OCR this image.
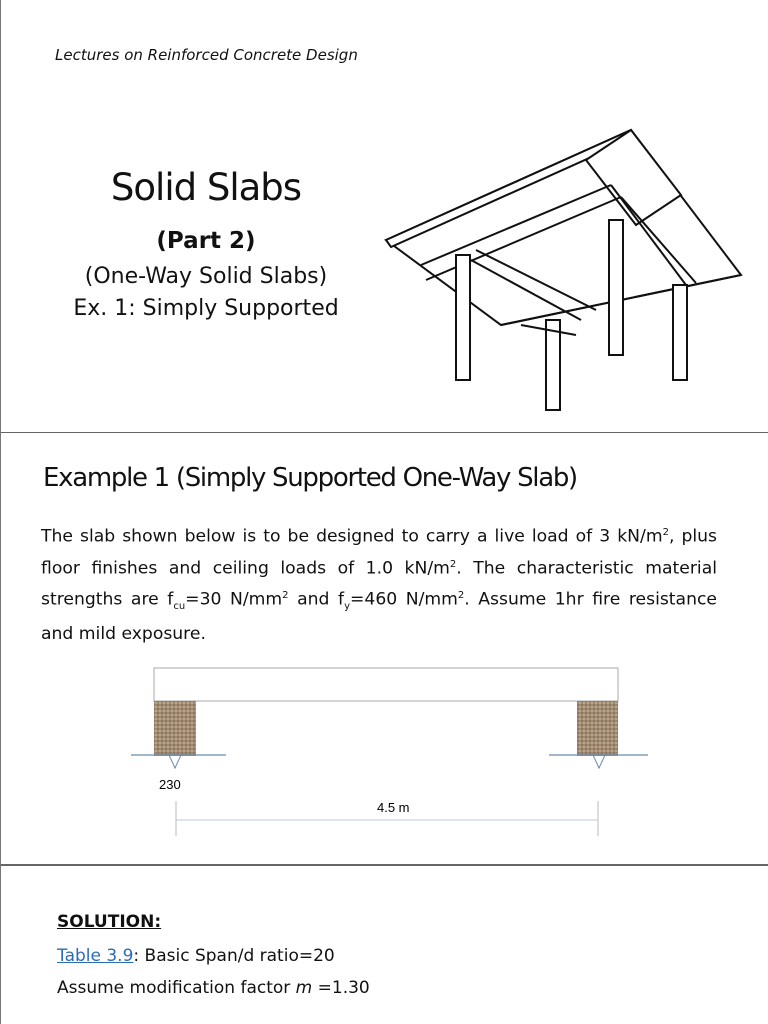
Lectures on Reinforced Concrete Design
Solid Slabs
(Part 2)
(One-Way Solid Slabs)
Ex. 1: Simply Supported
Example 1 (Simply Supported One-Way Slab)
The slab shown below is to be designed to carry a live load of 3 $kN/m^2$, plus floor finishes and ceiling loads of 1.0 $kN/m^2$. The characteristic material strengths are $f_{cu}=30$ $N/mm^2$ and $f_y=460$ $N/mm^2$. Assume 1hr fire resistance and mild exposure.
230
4.5 m
SOLUTION:
Table 3.9: Basic Span/d ratio=20
Assume modification factor m =1.30
